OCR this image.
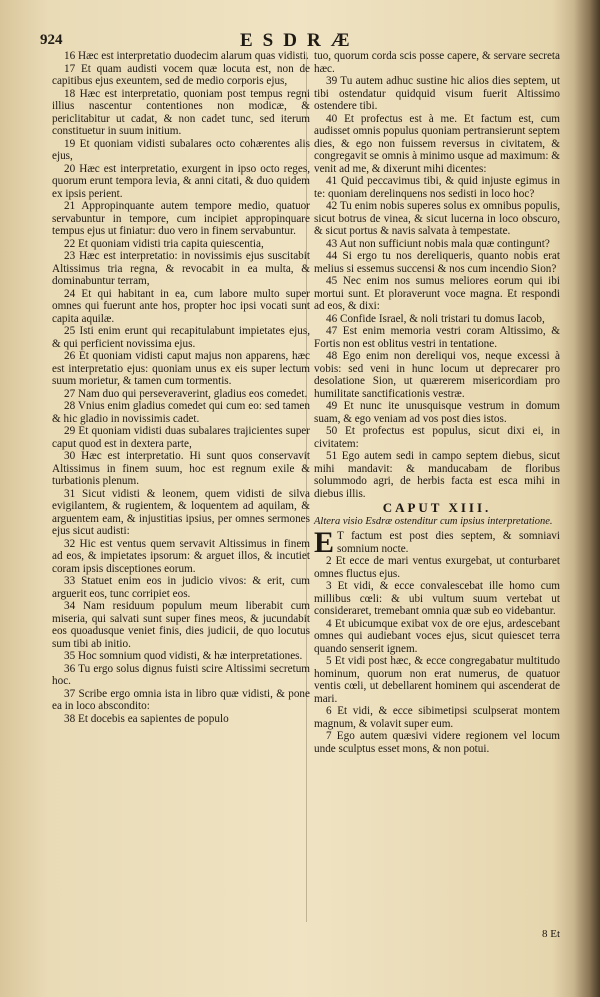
924	ESDRÆ

16 Hæc est interpretatio duodecim alarum quas vidisti.

17 Et quam audisti vocem quæ locuta est, non de capitibus ejus exeuntem, sed de medio corporis ejus,

18 Hæc est interpretatio, quoniam post tempus regni illius nascentur contentiones non modicæ, & periclitabitur ut cadat, & non cadet tunc, sed iterum constituetur in suum initium.

19 Et quoniam vidisti subalares octo cohærentes alis ejus,

20 Hæc est interpretatio, exurgent in ipso octo reges, quorum erunt tempora levia, & anni citati, & duo quidem ex ipsis perient.

21 Appropinquante autem tempore medio, quatuor servabuntur in tempore, cum incipiet appropinquare tempus ejus ut finiatur: duo vero in finem servabuntur.

22 Et quoniam vidisti tria capita quiescentia,

23 Hæc est interpretatio: in novissimis ejus suscitabit Altissimus tria regna, & revocabit in ea multa, & dominabuntur terram,

24 Et qui habitant in ea, cum labore multo super omnes qui fuerunt ante hos, propter hoc ipsi vocati sunt capita aquilæ.

25 Isti enim erunt qui recapitulabunt impietates ejus, & qui perficient novissima ejus.

26 Et quoniam vidisti caput majus non apparens, hæc est interpretatio ejus: quoniam unus ex eis super lectum suum morietur, & tamen cum tormentis.

27 Nam duo qui perseveraverint, gladius eos comedet.

28 Vnius enim gladius comedet qui cum eo: sed tamen & hic gladio in novissimis cadet.

29 Et quoniam vidisti duas subalares trajicientes super caput quod est in dextera parte,

30 Hæc est interpretatio. Hi sunt quos conservavit Altissimus in finem suum, hoc est regnum exile & turbationis plenum.

31 Sicut vidisti & leonem, quem vidisti de silva evigilantem, & rugientem, & loquentem ad aquilam, & arguentem eam, & injustitias ipsius, per omnes sermones ejus sicut audisti:

32 Hic est ventus quem servavit Altissimus in finem ad eos, & impietates ipsorum: & arguet illos, & incutiet coram ipsis disceptiones eorum.

33 Statuet enim eos in judicio vivos: & erit, cum arguerit eos, tunc corripiet eos.

34 Nam residuum populum meum liberabit cum miseria, qui salvati sunt super fines meos, & jucundabit eos quoadusque veniet finis, dies judicii, de quo locutus sum tibi ab initio.

35 Hoc somnium quod vidisti, & hæ interpretationes.

36 Tu ergo solus dignus fuisti scire Altissimi secretum hoc.

37 Scribe ergo omnia ista in libro quæ vidisti, & pone ea in loco abscondito:

38 Et docebis ea sapientes de populo

tuo, quorum corda scis posse capere, & servare secreta hæc.

39 Tu autem adhuc sustine hic alios dies septem, ut tibi ostendatur quidquid visum fuerit Altissimo ostendere tibi.

40 Et profectus est à me. Et factum est, cum audisset omnis populus quoniam pertransierunt septem dies, & ego non fuissem reversus in civitatem, & congregavit se omnis à minimo usque ad maximum: & venit ad me, & dixerunt mihi dicentes:

41 Quid peccavimus tibi, & quid injuste egimus in te: quoniam derelinquens nos sedisti in loco hoc?

42 Tu enim nobis superes solus ex omnibus populis, sicut botrus de vinea, & sicut lucerna in loco obscuro, & sicut portus & navis salvata à tempestate.

43 Aut non sufficiunt nobis mala quæ contingunt?

44 Si ergo tu nos dereliqueris, quanto nobis erat melius si essemus succensi & nos cum incendio Sion?

45 Nec enim nos sumus meliores eorum qui ibi mortui sunt. Et ploraverunt voce magna. Et respondi ad eos, & dixi:

46 Confide Israel, & noli tristari tu domus Iacob,

47 Est enim memoria vestri coram Altissimo, & Fortis non est oblitus vestri in tentatione.

48 Ego enim non dereliqui vos, neque excessi à vobis: sed veni in hunc locum ut deprecarer pro desolatione Sion, ut quærerem misericordiam pro humilitate sanctificationis vestræ.

49 Et nunc ite unusquisque vestrum in domum suam, & ego veniam ad vos post dies istos.

50 Et profectus est populus, sicut dixi ei, in civitatem:

51 Ego autem sedi in campo septem diebus, sicut mihi mandavit: & manducabam de floribus solummodo agri, de herbis facta est esca mihi in diebus illis.

CAPUT XIII.

Altera visio Esdræ ostenditur cum ipsius interpretatione.

E T factum est post dies septem, & somniavi somnium nocte.

2 Et ecce de mari ventus exurgebat, ut conturbaret omnes fluctus ejus.

3 Et vidi, & ecce convalescebat ille homo cum millibus cœli: & ubi vultum suum vertebat ut consideraret, tremebant omnia quæ sub eo videbantur.

4 Et ubicumque exibat vox de ore ejus, ardescebant omnes qui audiebant voces ejus, sicut quiescet terra quando senserit ignem.

5 Et vidi post hæc, & ecce congregabatur multitudo hominum, quorum non erat numerus, de quatuor ventis cœli, ut debellarent hominem qui ascenderat de mari.

6 Et vidi, & ecce sibimetipsi sculpserat montem magnum, & volavit super eum.

7 Ego autem quæsivi videre regionem vel locum unde sculptus esset mons, & non potui.

8 Et
